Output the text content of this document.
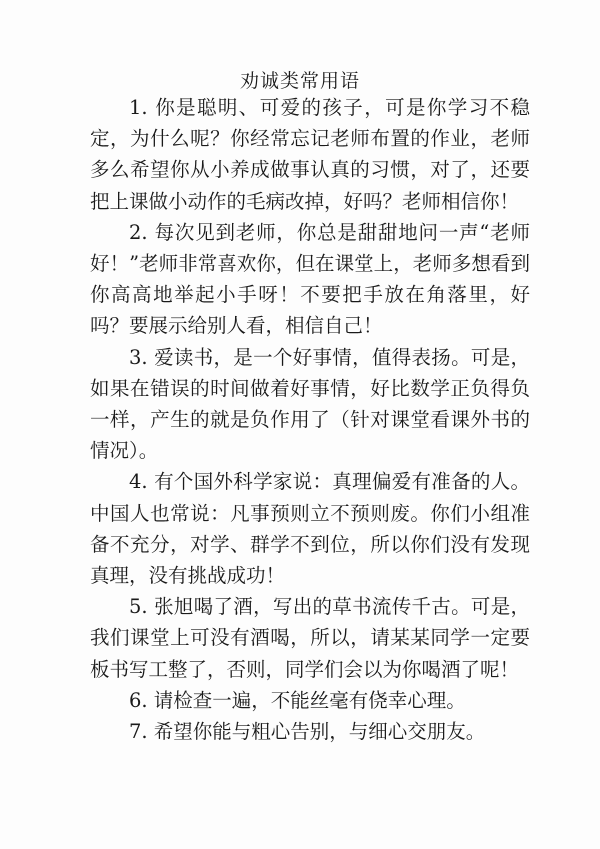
劝诚类常用语

1. 你是聪明、可爱的孩子，可是你学习不稳定，为什么呢？你经常忘记老师布置的作业，老师多么希望你从小养成做事认真的习惯，对了，还要把上课做小动作的毛病改掉，好吗？老师相信你！

2. 每次见到老师，你总是甜甜地问一声“老师好！”老师非常喜欢你，但在课堂上，老师多想看到你高高地举起小手呀！不要把手放在角落里，好吗？要展示给别人看，相信自己！

3. 爱读书，是一个好事情，值得表扬。可是，如果在错误的时间做着好事情，好比数学正负得负一样，产生的就是负作用了（针对课堂看课外书的情况）。

4. 有个国外科学家说：真理偏爱有准备的人。中国人也常说：凡事预则立不预则废。你们小组准备不充分，对学、群学不到位，所以你们没有发现真理，没有挑战成功！

5. 张旭喝了酒，写出的草书流传千古。可是，我们课堂上可没有酒喝，所以，请某某同学一定要板书写工整了，否则，同学们会以为你喝酒了呢！

6. 请检查一遍，不能丝毫有侥幸心理。

7. 希望你能与粗心告别，与细心交朋友。
